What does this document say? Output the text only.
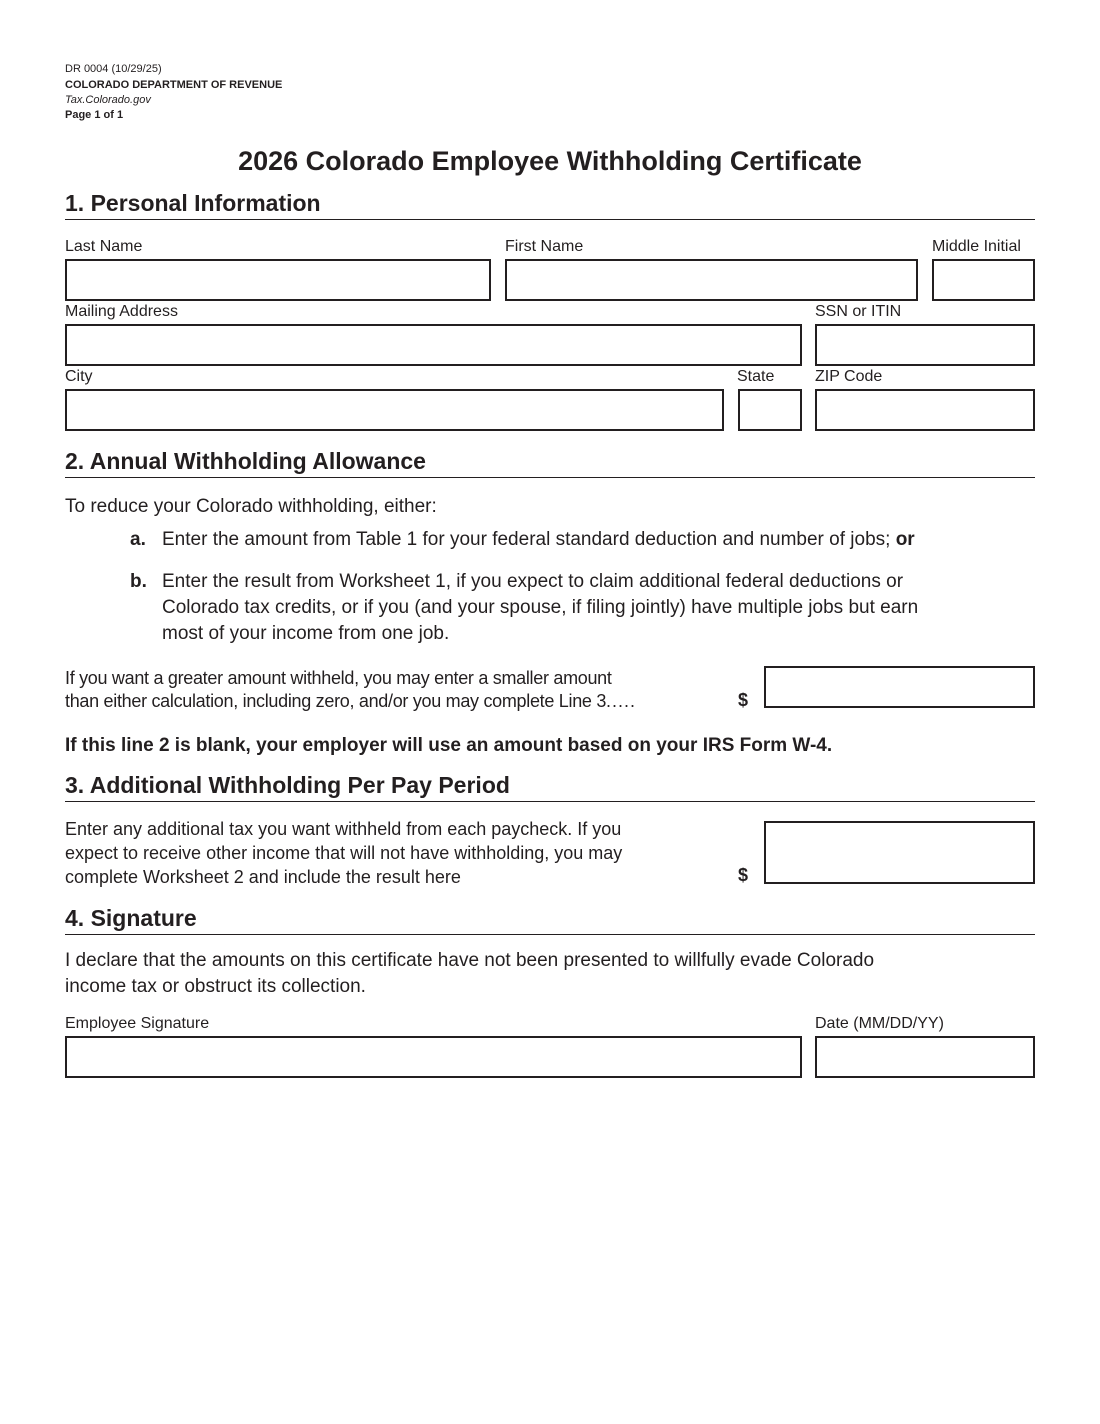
DR 0004 (10/29/25)
COLORADO DEPARTMENT OF REVENUE
Tax.Colorado.gov
Page 1 of 1
2026 Colorado Employee Withholding Certificate
1. Personal Information
Last Name	First Name	Middle Initial
Mailing Address	SSN or ITIN
City	State	ZIP Code
2. Annual Withholding Allowance
To reduce your Colorado withholding, either:
a. Enter the amount from Table 1 for your federal standard deduction and number of jobs; or
b. Enter the result from Worksheet 1, if you expect to claim additional federal deductions or
Colorado tax credits, or if you (and your spouse, if filing jointly) have multiple jobs but earn
most of your income from one job.
If you want a greater amount withheld, you may enter a smaller amount
than either calculation, including zero, and/or you may complete Line 3.....	$
If this line 2 is blank, your employer will use an amount based on your IRS Form W-4.
3. Additional Withholding Per Pay Period
Enter any additional tax you want withheld from each paycheck. If you
expect to receive other income that will not have withholding, you may
complete Worksheet 2 and include the result here	$
4. Signature
I declare that the amounts on this certificate have not been presented to willfully evade Colorado
income tax or obstruct its collection.
Employee Signature	Date (MM/DD/YY)
